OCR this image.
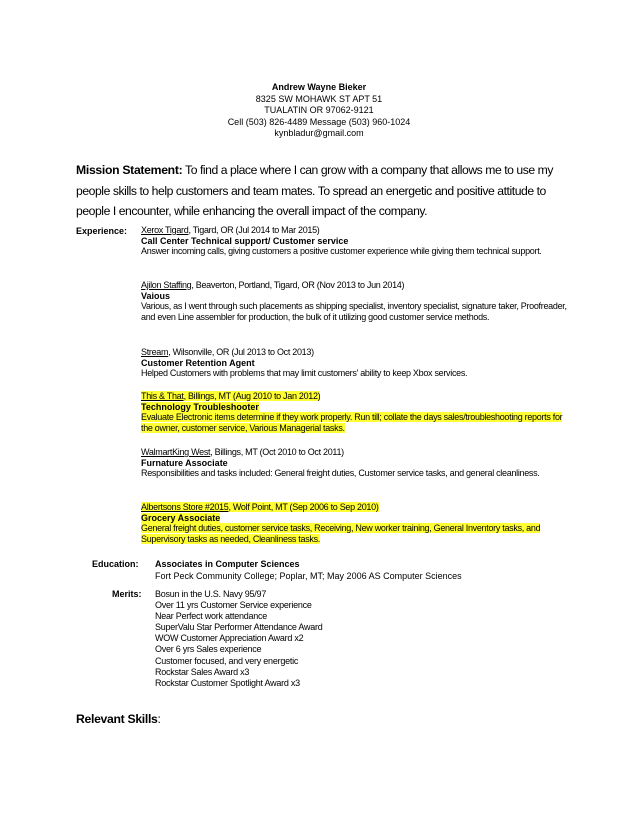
Andrew Wayne Bieker
8325 SW MOHAWK ST APT 51
TUALATIN OR 97062-9121
Cell (503) 826-4489 Message (503) 960-1024
kynbladur@gmail.com
Mission Statement: To find a place where I can grow with a company that allows me to use my people skills to help customers and team mates. To spread an energetic and positive attitude to people I encounter, while enhancing the overall impact of the company.
Experience: Xerox Tigard, Tigard, OR (Jul 2014 to Mar 2015)
Call Center Technical support/ Customer service
Answer incoming calls, giving customers a positive customer experience while giving them technical support.
Ajilon Staffing, Beaverton, Portland, Tigard, OR (Nov 2013 to Jun 2014)
Vaious
Various, as I went through such placements as shipping specialist, inventory specialist, signature taker, Proofreader, and even Line assembler for production, the bulk of it utilizing good customer service methods.
Stream, Wilsonville, OR (Jul 2013 to Oct 2013)
Customer Retention Agent
Helped Customers with problems that may limit customers' ability to keep Xbox services.
This & That, Billings, MT (Aug 2010 to Jan 2012)
Technology Troubleshooter
Evaluate Electronic items determine if they work properly. Run till; collate the days sales/troubleshooting reports for the owner, customer service, Various Managerial tasks.
WalmartKing West, Billings, MT (Oct 2010 to Oct 2011)
Furnature Associate
Responsibilities and tasks included: General freight duties, Customer service tasks, and general cleanliness.
Albertsons Store #2015, Wolf Point, MT (Sep 2006 to Sep 2010)
Grocery Associate
General freight duties, customer service tasks, Receiving, New worker training, General Inventory tasks, and Supervisory tasks as needed, Cleanliness tasks.
Education: Associates in Computer Sciences
Fort Peck Community College; Poplar, MT; May 2006 AS Computer Sciences
Merits: Bosun in the U.S. Navy 95/97
Over 11 yrs Customer Service experience
Near Perfect work attendance
SuperValu Star Performer Attendance Award
WOW Customer Appreciation Award x2
Over 6 yrs Sales experience
Customer focused, and very energetic
Rockstar Sales Award x3
Rockstar Customer Spotlight Award x3
Relevant Skills:
